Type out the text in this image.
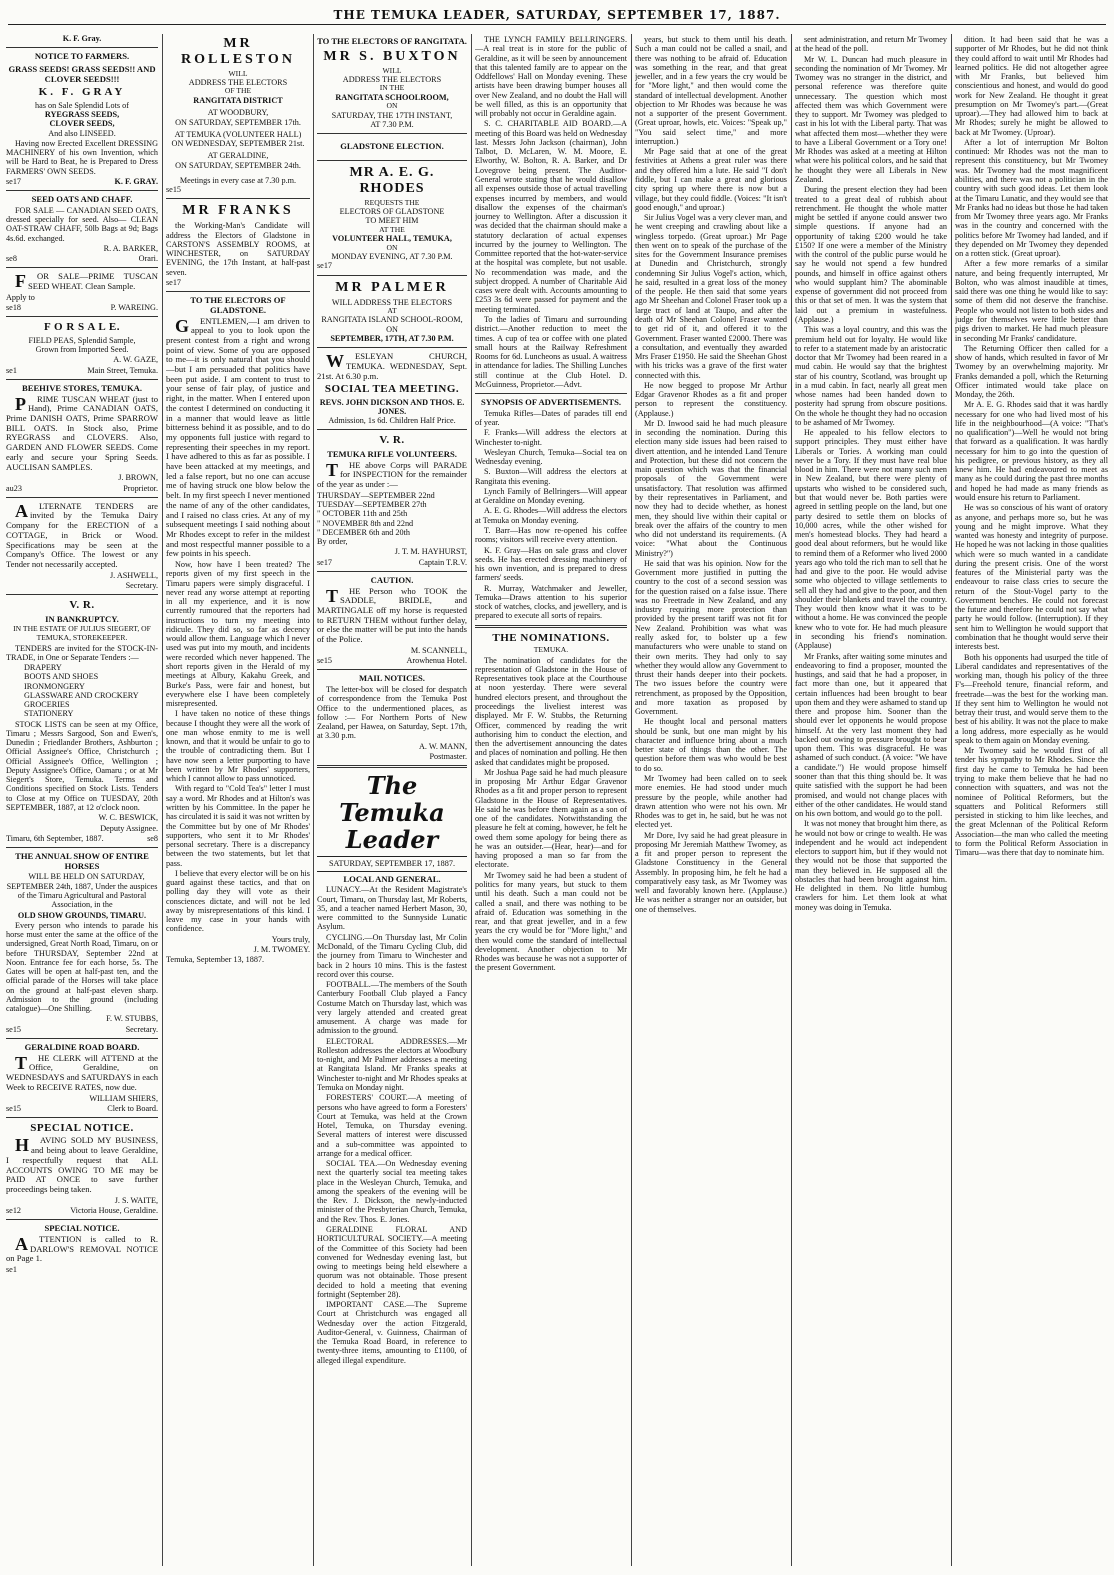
THE TEMUKA LEADER, SATURDAY, SEPTEMBER 17, 1887.
K. F. Gray.
NOTICE TO FARMERS.
GRASS SEEDS! GRASS SEEDS!! AND CLOVER SEEDS!!!
K. F. GRAY
has on Sale Splendid Lots of
RYEGRASS SEEDS,
CLOVER SEEDS,
And also LINSEED.
Having now Erected Excellent DRESSING MACHINERY of his own Invention, which will be Hard to Beat, he is Prepared to Dress FARMERS' OWN SEEDS.
se17	K. F. GRAY.
SEED OATS AND CHAFF.
FOR SALE — CANADIAN SEED OATS, dressed specially for seed. Also— CLEAN OAT-STRAW CHAFF, 50lb Bags at 9d; Bags 4s.6d. exchanged.
R. A. BARKER,
se8	Orari.
FOR SALE—PRIME TUSCAN SEED WHEAT. Clean Sample.
Apply to
se18	P. WAREING.
F O R S A L E.
FIELD PEAS, Splendid Sample,
Grown from Imported Seed.
A. W. GAZE,
se1	Main Street, Temuka.
BEEHIVE STORES, TEMUKA.
PRIME TUSCAN WHEAT (just to Hand), Prime CANADIAN OATS, Prime DANISH OATS, Prime SPARROW BILL OATS. In Stock also, Prime RYEGRASS and CLOVERS. Also, GARDEN AND FLOWER SEEDS. Come early and secure your Spring Seeds. AUCLISAN SAMPLES.
J. BROWN,
au23	Proprietor.
ALTERNATE TENDERS are invited by the Temuka Dairy Company for the ERECTION of a COTTAGE, in Brick or Wood. Specifications may be seen at the Company's Office. The lowest or any Tender not necessarily accepted.
J. ASHWELL,
Secretary.
V. R.
IN BANKRUPTCY.
IN THE ESTATE OF JULIUS SIEGERT, OF TEMUKA, STOREKEEPER.
TENDERS are invited for the STOCK-IN-TRADE, in One or Separate Tenders :—
DRAPERY
BOOTS AND SHOES
IRONMONGERY
GLASSWARE AND CROCKERY
GROCERIES
STATIONERY
STOCK LISTS can be seen at my Office, Timaru ; Messrs Sargood, Son and Ewen's, Dunedin ; Friedlander Brothers, Ashburton ; Official Assignee's Office, Christchurch ; Official Assignee's Office, Wellington ; Deputy Assignee's Office, Oamaru ; or at Mr Siegert's Store, Temuka. Terms and Conditions specified on Stock Lists. Tenders to Close at my Office on TUESDAY, 20th SEPTEMBER, 1887, at 12 o'clock noon.
W. C. BESWICK,
Deputy Assignee.
Timaru, 6th September, 1887.	se8
THE ANNUAL SHOW OF ENTIRE HORSES
WILL BE HELD ON SATURDAY, SEPTEMBER 24th, 1887, Under the auspices of the Timaru Agricultural and Pastoral Association, in the
OLD SHOW GROUNDS, TIMARU.
Every person who intends to parade his horse must enter the same at the office of the undersigned, Great North Road, Timaru, on or before THURSDAY, September 22nd at Noon. Entrance fee for each horse, 5s. The Gates will be open at half-past ten, and the official parade of the Horses will take place on the ground at half-past eleven sharp. Admission to the ground (including catalogue)—One Shilling.
F. W. STUBBS,
se15	Secretary.
GERALDINE ROAD BOARD.
THE CLERK will ATTEND at the Office, Geraldine, on WEDNESDAYS and SATURDAYS in each Week to RECEIVE RATES, now due.
WILLIAM SHIERS,
se15	Clerk to Board.
SPECIAL NOTICE.
HAVING SOLD MY BUSINESS, and being about to leave Geraldine, I respectfully request that ALL ACCOUNTS OWING TO ME may be PAID AT ONCE to save further proceedings being taken.
J. S. WAITE,
se12	Victoria House, Geraldine.
SPECIAL NOTICE.
ATTENTION is called to R. DARLOW'S REMOVAL NOTICE on Page 1.
se1
MR ROLLESTON
WILL
ADDRESS THE ELECTORS
OF THE
RANGITATA DISTRICT
AT WOODBURY,
ON SATURDAY, SEPTEMBER 17th.
AT TEMUKA (VOLUNTEER HALL)
ON WEDNESDAY, SEPTEMBER 21st.
AT GERALDINE,
ON SATURDAY, SEPTEMBER 24th.
Meetings in every case at 7.30 p.m.
se15
MR FRANKS
the Working-Man's Candidate will address the Electors of Gladstone in CARSTON'S ASSEMBLY ROOMS, at WINCHESTER, on SATURDAY EVENING, the 17th Instant, at half-past seven.
se17
TO THE ELECTORS OF GLADSTONE.
GENTLEMEN,—I am driven to appeal to you to look upon the present contest from a right and wrong point of view. Some of you are opposed to me—it is only natural that you should—but I am persuaded that politics have been put aside. I am content to trust to your sense of fair play, of justice and right, in the matter. When I entered upon the contest I determined on conducting it in a manner that would leave as little bitterness behind it as possible, and to do my opponents full justice with regard to representing their speeches in my report. I have adhered to this as far as possible. I have been attacked at my meetings, and led a false report, but no one can accuse me of having struck one blow below the belt. In my first speech I never mentioned the name of any of the other candidates, and I raised no class cries. At any of my subsequent meetings I said nothing about Mr Rhodes except to refer in the mildest and most respectful manner possible to a few points in his speech.
Now, how have I been treated? The reports given of my first speech in the Timaru papers were simply disgraceful. I never read any worse attempt at reporting in all my experience, and it is now currently rumoured that the reporters had instructions to turn my meeting into ridicule. They did so, so far as decency would allow them. Language which I never used was put into my mouth, and incidents were recorded which never happened. The short reports given in the Herald of my meetings at Albury, Kakahu Greek, and Burke's Pass, were fair and honest, but everywhere else I have been completely misrepresented.
I have taken no notice of these things because I thought they were all the work of one man whose enmity to me is well known, and that it would be unfair to go to the trouble of contradicting them. But I have now seen a letter purporting to have been written by Mr Rhodes' supporters, which I cannot allow to pass unnoticed.
With regard to "Cold Tea's" letter I must say a word. Mr Rhodes and at Hilton's was written by his Committee. In the paper he has circulated it is said it was not written by the Committee but by one of Mr Rhodes' supporters, who sent it to Mr Rhodes' personal secretary. There is a discrepancy between the two statements, but let that pass.
I believe that every elector will be on his guard against these tactics, and that on polling day they will vote as their consciences dictate, and will not be led away by misrepresentations of this kind. I leave my case in your hands with confidence.
Yours truly,
J. M. TWOMEY.
Temuka, September 13, 1887.
TO THE ELECTORS OF RANGITATA.
MR S. BUXTON
WILL
ADDRESS THE ELECTORS
IN THE
RANGITATA SCHOOLROOM,
ON
SATURDAY, THE 17TH INSTANT,
AT 7.30 P.M.
GLADSTONE ELECTION.
MR A. E. G. RHODES
REQUESTS THE
ELECTORS OF GLADSTONE
TO MEET HIM
AT THE
VOLUNTEER HALL, TEMUKA,
ON
MONDAY EVENING, AT 7.30 P.M.
se17
MR PALMER
WILL ADDRESS THE ELECTORS
AT
RANGITATA ISLAND SCHOOL-ROOM, ON
SEPTEMBER, 17TH, AT 7.30 P.M.
WESLEYAN CHURCH, TEMUKA. WEDNESDAY, Sept. 21st. At 6.30 p.m.
SOCIAL TEA MEETING.
REVS. JOHN DICKSON AND THOS. E. JONES.
Admission, 1s 6d. Children Half Price.
V. R.
TEMUKA RIFLE VOLUNTEERS.
THE above Corps will PARADE for INSPECTION for the remainder of the year as under :—
THURSDAY—SEPTEMBER 22nd
TUESDAY—SEPTEMBER 27th
" OCTOBER 11th and 25th
" NOVEMBER 8th and 22nd
" DECEMBER 6th and 20th
By order,
J. T. M. HAYHURST,
se17	Captain T.R.V.
CAUTION.
THE Person who TOOK the SADDLE, BRIDLE, and MARTINGALE off my horse is requested to RETURN THEM without further delay, or else the matter will be put into the hands of the Police.
M. SCANNELL,
se15	Arowhenua Hotel.
MAIL NOTICES.
The letter-box will be closed for despatch of correspondence from the Temuka Post Office to the undermentioned places, as follow :— For Northern Ports of New Zealand, per Hawea, on Saturday, Sept. 17th, at 3.30 p.m.
A. W. MANN,
Postmaster.
The Temuka Leader
SATURDAY, SEPTEMBER 17, 1887.
LOCAL AND GENERAL.
LUNACY.—At the Resident Magistrate's Court, Timaru, on Thursday last, Mr Roberts, 35, and a teacher named Herbert Mason, 30, were committed to the Sunnyside Lunatic Asylum.
CYCLING.—On Thursday last, Mr Colin McDonald, of the Timaru Cycling Club, did the journey from Timaru to Winchester and back in 2 hours 10 mins. This is the fastest record over this course.
FOOTBALL.—The members of the South Canterbury Football Club played a Fancy Costume Match on Thursday last, which was very largely attended and created great amusement. A charge was made for admission to the ground.
ELECTORAL ADDRESSES.—Mr Rolleston addresses the electors at Woodbury to-night, and Mr Palmer addresses a meeting at Rangitata Island. Mr Franks speaks at Winchester to-night and Mr Rhodes speaks at Temuka on Monday night.
FORESTERS' COURT.—A meeting of persons who have agreed to form a Foresters' Court at Temuka, was held at the Crown Hotel, Temuka, on Thursday evening. Several matters of interest were discussed and a sub-committee was appointed to arrange for a medical officer.
SOCIAL TEA.—On Wednesday evening next the quarterly social tea meeting takes place in the Wesleyan Church, Temuka, and among the speakers of the evening will be the Rev. J. Dickson, the newly-inducted minister of the Presbyterian Church, Temuka, and the Rev. Thos. E. Jones.
GERALDINE FLORAL AND HORTICULTURAL SOCIETY.—A meeting of the Committee of this Society had been convened for Wednesday evening last, but owing to meetings being held elsewhere a quorum was not obtainable. Those present decided to hold a meeting that evening fortnight (September 28).
IMPORTANT CASE.—The Supreme Court at Christchurch was engaged all Wednesday over the action Fitzgerald, Auditor-General, v. Guinness, Chairman of the Temuka Road Board, in reference to twenty-three items, amounting to £1100, of alleged illegal expenditure.
THE LYNCH FAMILY BELLRINGERS.—A real treat is in store for the public of Geraldine, as it will be seen by announcement that this talented family are to appear on the Oddfellows' Hall on Monday evening. These artists have been drawing bumper houses all over New Zealand, and no doubt the Hall will be well filled, as this is an opportunity that will probably not occur in Geraldine again.
S. C. CHARITABLE AID BOARD.—A meeting of this Board was held on Wednesday last. Messrs John Jackson (chairman), John Talbot, D. McLaren, W. M. Moore, E. Elworthy, W. Bolton, R. A. Barker, and Dr Lovegrove being present. The Auditor-General wrote stating that he would disallow all expenses outside those of actual travelling expenses incurred by members, and would disallow the expenses of the chairman's journey to Wellington. After a discussion it was decided that the chairman should make a statutory declaration of actual expenses incurred by the journey to Wellington. The Committee reported that the hot-water-service at the hospital was complete, but not usable. No recommendation was made, and the subject dropped. A number of Charitable Aid cases were dealt with. Accounts amounting to £253 3s 6d were passed for payment and the meeting terminated.
To the ladies of Timaru and surrounding district.—Another reduction to meet the times. A cup of tea or coffee with one plated small hours at the Railway Refreshment Rooms for 6d. Luncheons as usual. A waitress in attendance for ladies. The Shilling Lunches still continue at the Club Hotel. D. McGuinness, Proprietor.—Advt.
SYNOPSIS OF ADVERTISEMENTS.
Temuka Rifles—Dates of parades till end of year.
F. Franks—Will address the electors at Winchester to-night.
Wesleyan Church, Temuka—Social tea on Wednesday evening.
S. Buxton—Will address the electors at Rangitata this evening.
Lynch Family of Bellringers—Will appear at Geraldine on Monday evening.
A. E. G. Rhodes—Will address the electors at Temuka on Monday evening.
T. Barr—Has now re-opened his coffee rooms; visitors will receive every attention.
K. F. Gray—Has on sale grass and clover seeds. He has erected dressing machinery of his own invention, and is prepared to dress farmers' seeds.
R. Murray, Watchmaker and Jeweller, Temuka—Draws attention to his superior stock of watches, clocks, and jewellery, and is prepared to execute all sorts of repairs.
THE NOMINATIONS.
TEMUKA.
The nomination of candidates for the representation of Gladstone in the House of Representatives took place at the Courthouse at noon yesterday. There were several hundred electors present, and throughout the proceedings the liveliest interest was displayed. Mr F. W. Stubbs, the Returning Officer, commenced by reading the writ authorising him to conduct the election, and then the advertisement announcing the dates and places of nomination and polling. He then asked that candidates might be proposed.
Mr Joshua Page said he had much pleasure in proposing Mr Arthur Edgar Gravenor Rhodes as a fit and proper person to represent Gladstone in the House of Representatives. He said he was before them again as a son of one of the candidates. Notwithstanding the pleasure he felt at coming, however, he felt he owed them some apology for being there as he was an outsider.—(Hear, hear)—and for having proposed a man so far from the electorate.
Mr Twomey said he had been a student of politics for many years, but stuck to them until his death. Such a man could not be called a snail, and there was nothing to be afraid of. Education was something in the rear, and that great jeweller, and in a few years the cry would be for "More light," and then would come the standard of intellectual development. Another objection to Mr Rhodes was because he was not a supporter of the present Government.
years, but stuck to them until his death. Such a man could not be called a snail, and there was nothing to be afraid of. Education was something in the rear, and that great jeweller, and in a few years the cry would be for "More light," and then would come the standard of intellectual development. Another objection to Mr Rhodes was because he was not a supporter of the present Government. (Great uproar, howls, etc. Voices: "Speak up," "You said select time," and more interruption.)
Mr Page said that at one of the great festivities at Athens a great ruler was there and they offered him a lute. He said "I don't fiddle, but I can make a great and glorious city spring up where there is now but a village, but they could fiddle. (Voices: "It isn't good enough," and uproar.)
Sir Julius Vogel was a very clever man, and he went creeping and crawling about like a wingless torpedo. (Great uproar.) Mr Page then went on to speak of the purchase of the sites for the Government Insurance premises at Dunedin and Christchurch, strongly condemning Sir Julius Vogel's action, which, he said, resulted in a great loss of the money of the people. He then said that some years ago Mr Sheehan and Colonel Fraser took up a large tract of land at Taupo, and after the death of Mr Sheehan Colonel Fraser wanted to get rid of it, and offered it to the Government. Fraser wanted £2000. There was a consultation, and eventually they awarded Mrs Fraser £1950. He said the Sheehan Ghost with his tricks was a grave of the first water connected with this.
He now begged to propose Mr Arthur Edgar Gravenor Rhodes as a fit and proper person to represent the constituency. (Applause.)
Mr D. Inwood said he had much pleasure in seconding the nomination. During this election many side issues had been raised to divert attention, and he intended Land Tenure and Protection, but these did not concern the main question which was that the financial proposals of the Government were unsatisfactory. That resolution was affirmed by their representatives in Parliament, and now they had to decide whether, as honest men, they should live within their capital or break over the affairs of the country to men who did not understand its requirements. (A voice: "What about the Continuous Ministry?")
He said that was his opinion. Now for the Government more justified in putting the country to the cost of a second session was for the question raised on a false issue. There was no Freetrade in New Zealand, and any industry requiring more protection than provided by the present tariff was not fit for New Zealand. Prohibition was what was really asked for, to bolster up a few manufacturers who were unable to stand on their own merits. They had only to say whether they would allow any Government to thrust their hands deeper into their pockets. The two issues before the country were retrenchment, as proposed by the Opposition, and more taxation as proposed by Government.
He thought local and personal matters should be sunk, but one man might by his character and influence bring about a much better state of things than the other. The question before them was who would be best to do so.
Mr Twomey had been called on to seek more enemies. He had stood under much pressure by the people, while another had drawn attention who were not his own. Mr Rhodes was to get in, he said, but he was not elected yet.
Mr Dore, Ivy said he had great pleasure in proposing Mr Jeremiah Matthew Twomey, as a fit and proper person to represent the Gladstone Constituency in the General Assembly. In proposing him, he felt he had a comparatively easy task, as Mr Twomey was well and favorably known here. (Applause.) He was neither a stranger nor an outsider, but one of themselves.
sent administration, and return Mr Twomey at the head of the poll.
Mr W. L. Duncan had much pleasure in seconding the nomination of Mr Twomey. Mr Twomey was no stranger in the district, and personal reference was therefore quite unnecessary. The question which most affected them was which Government were they to support. Mr Twomey was pledged to cast in his lot with the Liberal party. That was what affected them most—whether they were to have a Liberal Government or a Tory one! Mr Rhodes was asked at a meeting at Hilton what were his political colors, and he said that he thought they were all Liberals in New Zealand.
During the present election they had been treated to a great deal of rubbish about retrenchment. He thought the whole matter might be settled if anyone could answer two simple questions. If anyone had an opportunity of taking £200 would he take £150? If one were a member of the Ministry with the control of the public purse would he say he would not spend a few hundred pounds, and himself in office against others who would supplant him? The abominable expense of government did not proceed from this or that set of men. It was the system that laid out a premium in wastefulness. (Applause.)
This was a loyal country, and this was the premium held out for loyalty. He would like to refer to a statement made by an aristocratic doctor that Mr Twomey had been reared in a mud cabin. He would say that the brightest star of his country, Scotland, was brought up in a mud cabin. In fact, nearly all great men whose names had been handed down to posterity had sprung from obscure positions. On the whole he thought they had no occasion to be ashamed of Mr Twomey.
He appealed to his fellow electors to support principles. They must either have Liberals or Tories. A working man could never be a Tory. If they must have real blue blood in him. There were not many such men in New Zealand, but there were plenty of upstarts who wished to be considered such, but that would never be. Both parties were agreed in settling people on the land, but one party desired to settle them on blocks of 10,000 acres, while the other wished for men's homestead blocks. They had heard a good deal about reformers, but he would like to remind them of a Reformer who lived 2000 years ago who told the rich man to sell that he had and give to the poor. He would advise some who objected to village settlements to sell all they had and give to the poor, and then shoulder their blankets and travel the country. They would then know what it was to be without a home. He was convinced the people knew who to vote for. He had much pleasure in seconding his friend's nomination. (Applause)
Mr Franks, after waiting some minutes and endeavoring to find a proposer, mounted the hustings, and said that he had a proposer, in fact more than one, but it appeared that certain influences had been brought to bear upon them and they were ashamed to stand up there and propose him. Sooner than the should ever let opponents he would propose himself. At the very last moment they had backed out owing to pressure brought to bear upon them. This was disgraceful. He was ashamed of such conduct. (A voice: "We have a candidate.") He would propose himself sooner than that this thing should be. It was quite satisfied with the support he had been promised, and would not change places with either of the other candidates. He would stand on his own bottom, and would go to the poll.
It was not money that brought him there, as he would not bow or cringe to wealth. He was independent and he would act independent electors to support him, but if they would not they would not be those that supported the man they believed in. He supposed all the obstacles that had been brought against him. He delighted in them. No little humbug crawlers for him. Let them look at what money was doing in Temuka.
dition. It had been said that he was a supporter of Mr Rhodes, but he did not think they could afford to wait until Mr Rhodes had learned politics. He did not altogether agree with Mr Franks, but believed him conscientious and honest, and would do good work for New Zealand. He thought it great presumption on Mr Twomey's part.—(Great uproar).—They had allowed him to back at Mr Rhodes; surely he might be allowed to back at Mr Twomey. (Uproar).
After a lot of interruption Mr Bolton continued: Mr Rhodes was not the man to represent this constituency, but Mr Twomey was. Mr Twomey had the most magnificent abilities, and there was not a politician in the country with such good ideas. Let them look at the Timaru Lunatic, and they would see that Mr Franks had no ideas but those he had taken from Mr Twomey three years ago. Mr Franks was in the country and concerned with the politics before Mr Twomey had landed, and if they depended on Mr Twomey they depended on a rotten stick. (Great uproar).
After a few more remarks of a similar nature, and being frequently interrupted, Mr Bolton, who was almost inaudible at times, said there was one thing he would like to say: some of them did not deserve the franchise. People who would not listen to both sides and judge for themselves were little better than pigs driven to market. He had much pleasure in seconding Mr Franks' candidature.
The Returning Officer then called for a show of hands, which resulted in favor of Mr Twomey by an overwhelming majority. Mr Franks demanded a poll, which the Returning Officer intimated would take place on Monday, the 26th.
Mr A. E. G. Rhodes said that it was hardly necessary for one who had lived most of his life in the neighbourhood—(A voice: "That's no qualification")—Well he would not bring that forward as a qualification. It was hardly necessary for him to go into the question of his pedigree, or previous history, as they all knew him. He had endeavoured to meet as many as he could during the past three months and hoped he had made as many friends as would ensure his return to Parliament.
He was so conscious of his want of oratory as anyone, and perhaps more so, but he was young and he might improve. What they wanted was honesty and integrity of purpose. He hoped he was not lacking in those qualities which were so much wanted in a candidate during the present crisis. One of the worst features of the Ministerial party was the endeavour to raise class cries to secure the return of the Stout-Vogel party to the Government benches. He could not forecast the future and therefore he could not say what party he would follow. (Interruption). If they sent him to Wellington he would support that combination that he thought would serve their interests best.
Both his opponents had usurped the title of Liberal candidates and representatives of the working man, though his policy of the three F's—Freehold tenure, financial reform, and freetrade—was the best for the working man. If they sent him to Wellington he would not betray their trust, and would serve them to the best of his ability. It was not the place to make a long address, more especially as he would speak to them again on Monday evening.
Mr Twomey said he would first of all tender his sympathy to Mr Rhodes. Since the first day he came to Temuka he had been trying to make them believe that he had no connection with squatters, and was not the nominee of Political Reformers, but the squatters and Political Reformers still persisted in sticking to him like leeches, and the great Mclennan of the Political Reform Association—the man who called the meeting to form the Political Reform Association in Timaru—was there that day to nominate him.
